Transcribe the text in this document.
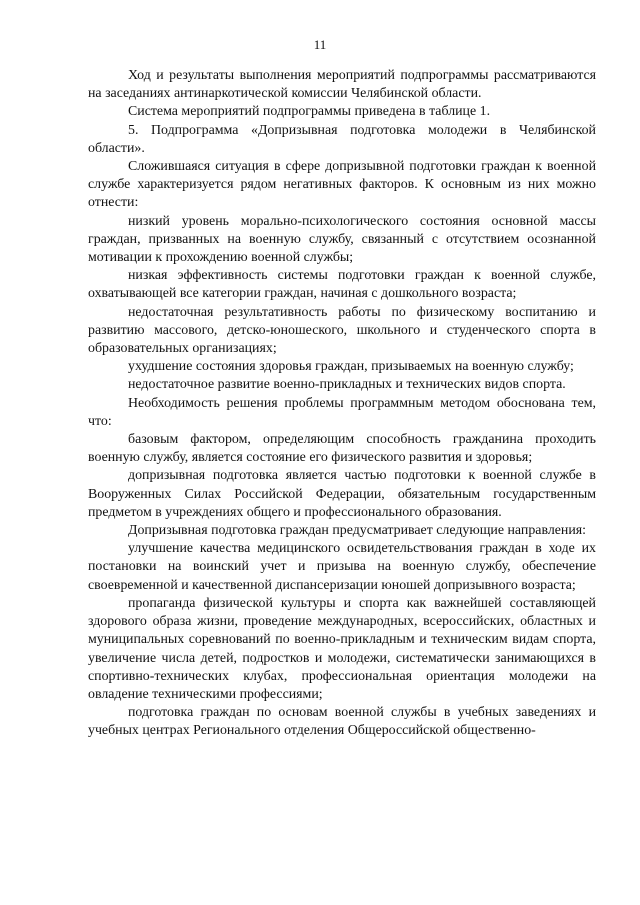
11

Ход и результаты выполнения мероприятий подпрограммы рассматриваются на заседаниях антинаркотической комиссии Челябинской области.

Система мероприятий подпрограммы приведена в таблице 1.

5. Подпрограмма «Допризывная подготовка молодежи в Челябинской области».

Сложившаяся ситуация в сфере допризывной подготовки граждан к военной службе характеризуется рядом негативных факторов. К основным из них можно отнести:

низкий уровень морально-психологического состояния основной массы граждан, призванных на военную службу, связанный с отсутствием осознанной мотивации к прохождению военной службы;

низкая эффективность системы подготовки граждан к военной службе, охватывающей все категории граждан, начиная с дошкольного возраста;

недостаточная результативность работы по физическому воспитанию и развитию массового, детско-юношеского, школьного и студенческого спорта в образовательных организациях;

ухудшение состояния здоровья граждан, призываемых на военную службу;

недостаточное развитие военно-прикладных и технических видов спорта.

Необходимость решения проблемы программным методом обоснована тем, что:

базовым фактором, определяющим способность гражданина проходить военную службу, является состояние его физического развития и здоровья;

допризывная подготовка является частью подготовки к военной службе в Вооруженных Силах Российской Федерации, обязательным государственным предметом в учреждениях общего и профессионального образования.

Допризывная подготовка граждан предусматривает следующие направления:

улучшение качества медицинского освидетельствования граждан в ходе их постановки на воинский учет и призыва на военную службу, обеспечение своевременной и качественной диспансеризации юношей допризывного возраста;

пропаганда физической культуры и спорта как важнейшей составляющей здорового образа жизни, проведение международных, всероссийских, областных и муниципальных соревнований по военно-прикладным и техническим видам спорта, увеличение числа детей, подростков и молодежи, систематически занимающихся в спортивно-технических клубах, профессиональная ориентация молодежи на овладение техническими профессиями;

подготовка граждан по основам военной службы в учебных заведениях и учебных центрах Регионального отделения Общероссийской общественно-
